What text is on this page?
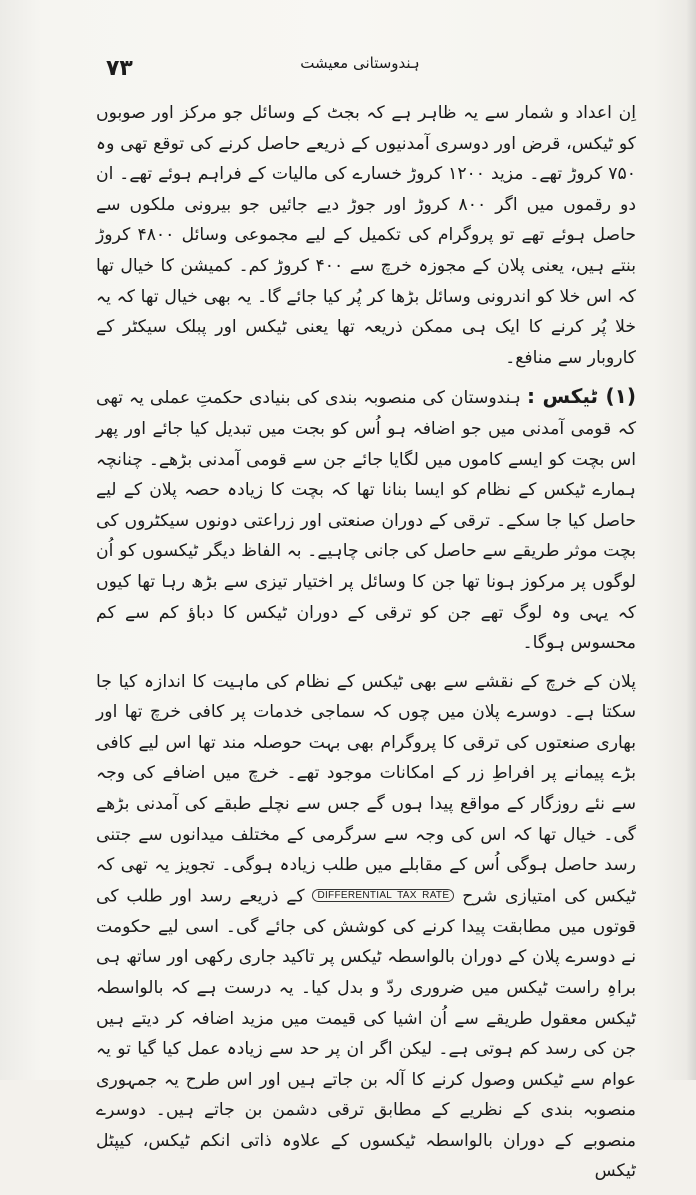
۷۳	ہندوستانی معیشت

اِن اعداد و شمار سے یہ ظاہر ہے کہ بجٹ کے وسائل جو مرکز اور صوبوں کو ٹیکس، قرض اور دوسری آمدنیوں کے ذریعے حاصل کرنے کی توقع تھی وہ ۷۵۰ کروڑ تھے۔ مزید ۱۲۰۰ کروڑ خسارے کی مالیات کے فراہم ہوئے تھے۔ ان دو رقموں میں اگر ۸۰۰ کروڑ اور جوڑ دیے جائیں جو بیرونی ملکوں سے حاصل ہوئے تھے تو پروگرام کی تکمیل کے لیے مجموعی وسائل ۴۸۰۰ کروڑ بنتے ہیں، یعنی پلان کے مجوزہ خرچ سے ۴۰۰ کروڑ کم۔ کمیشن کا خیال تھا کہ اس خلا کو اندرونی وسائل بڑھا کر پُر کیا جائے گا۔ یہ بھی خیال تھا کہ یہ خلا پُر کرنے کا ایک ہی ممکن ذریعہ تھا یعنی ٹیکس اور پبلک سیکٹر کے کاروبار سے منافع۔

(۱) ٹیکس : ہندوستان کی منصوبہ بندی کی بنیادی حکمتِ عملی یہ تھی کہ قومی آمدنی میں جو اضافہ ہو اُس کو بجت میں تبدیل کیا جائے اور پھر اس بچت کو ایسے کاموں میں لگایا جائے جن سے قومی آمدنی بڑھے۔ چنانچہ ہمارے ٹیکس کے نظام کو ایسا بنانا تھا کہ بچت کا زیادہ حصہ پلان کے لیے حاصل کیا جا سکے۔ ترقی کے دوران صنعتی اور زراعتی دونوں سیکٹروں کی بچت موثر طریقے سے حاصل کی جانی چاہیے۔ بہ الفاظ دیگر ٹیکسوں کو اُن لوگوں پر مرکوز ہونا تھا جن کا وسائل پر اختیار تیزی سے بڑھ رہا تھا کیوں کہ یہی وہ لوگ تھے جن کو ترقی کے دوران ٹیکس کا دباؤ کم سے کم محسوس ہوگا۔

پلان کے خرچ کے نقشے سے بھی ٹیکس کے نظام کی ماہیت کا اندازہ کیا جا سکتا ہے۔ دوسرے پلان میں چوں کہ سماجی خدمات پر کافی خرچ تھا اور بھاری صنعتوں کی ترقی کا پروگرام بھی بہت حوصلہ مند تھا اس لیے کافی بڑے پیمانے پر افراطِ زر کے امکانات موجود تھے۔ خرچ میں اضافے کی وجہ سے نئے روزگار کے مواقع پیدا ہوں گے جس سے نچلے طبقے کی آمدنی بڑھے گی۔ خیال تھا کہ اس کی وجہ سے سرگرمی کے مختلف میدانوں سے جتنی رسد حاصل ہوگی اُس کے مقابلے میں طلب زیادہ ہوگی۔ تجویز یہ تھی کہ ٹیکس کی امتیازی شرح DIFFERENTIAL TAX RATE کے ذریعے رسد اور طلب کی قوتوں میں مطابقت پیدا کرنے کی کوشش کی جائے گی۔ اسی لیے حکومت نے دوسرے پلان کے دوران بالواسطہ ٹیکس پر تاکید جاری رکھی اور ساتھ ہی براہِ راست ٹیکس میں ضروری ردّ و بدل کیا۔ یہ درست ہے کہ بالواسطہ ٹیکس معقول طریقے سے اُن اشیا کی قیمت میں مزید اضافہ کر دیتے ہیں جن کی رسد کم ہوتی ہے۔ لیکن اگر ان پر حد سے زیادہ عمل کیا گیا تو یہ عوام سے ٹیکس وصول کرنے کا آلہ بن جاتے ہیں اور اس طرح یہ جمہوری منصوبہ بندی کے نظریے کے مطابق ترقی دشمن بن جاتے ہیں۔ دوسرے منصوبے کے دوران بالواسطہ ٹیکسوں کے علاوہ ذاتی انکم ٹیکس، کیپٹل ٹیکس
